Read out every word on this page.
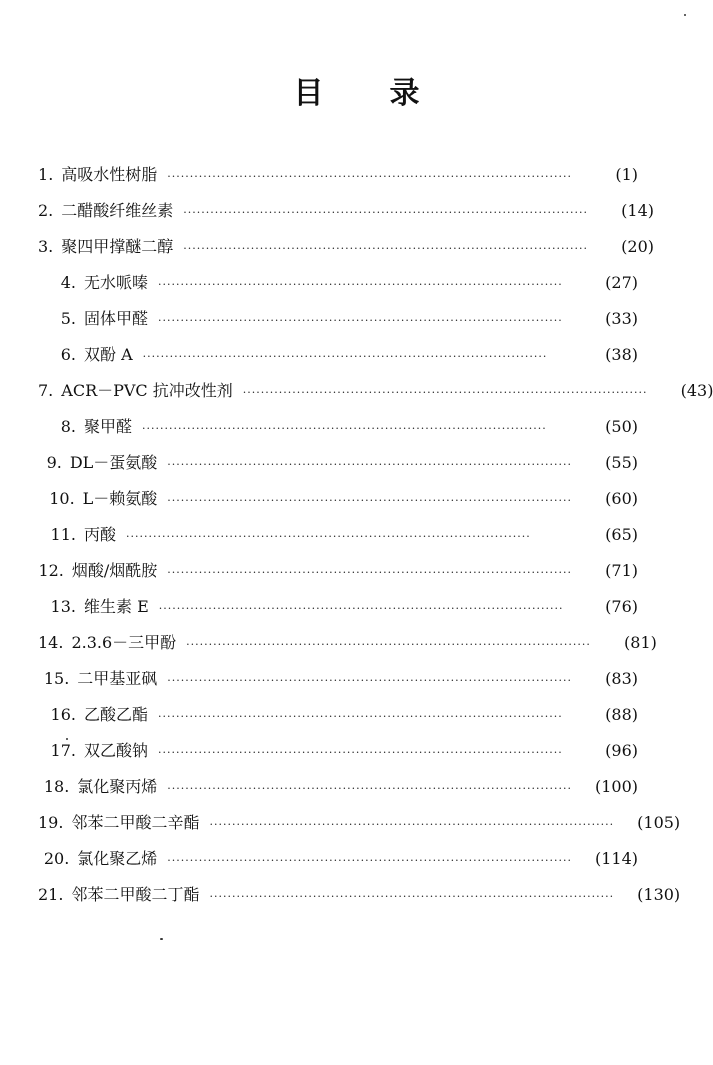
目 录
1. 高吸水性树脂 ··························································································	(1)
2. 二醋酸纤维丝素 ··························································································	(14)
3. 聚四甲撑醚二醇 ··························································································	(20)
4. 无水哌嗪 ··························································································	(27)
5. 固体甲醛 ··························································································	(33)
6. 双酚 A ··························································································	(38)
7. ACR－PVC 抗冲改性剂 ··························································································	(43)
8. 聚甲醛 ··························································································	(50)
9. DL－蛋氨酸 ··························································································	(55)
10. L－赖氨酸 ··························································································	(60)
11. 丙酸 ··························································································	(65)
12. 烟酸/烟酰胺 ··························································································	(71)
13. 维生素 E ··························································································	(76)
14. 2.3.6－三甲酚 ··························································································	(81)
15. 二甲基亚砜 ··························································································	(83)
16. 乙酸乙酯 ··························································································	(88)
17. 双乙酸钠 ··························································································	(96)
18. 氯化聚丙烯 ··························································································	(100)
19. 邻苯二甲酸二辛酯 ··························································································	(105)
20. 氯化聚乙烯 ··························································································	(114)
21. 邻苯二甲酸二丁酯 ··························································································	(130)
